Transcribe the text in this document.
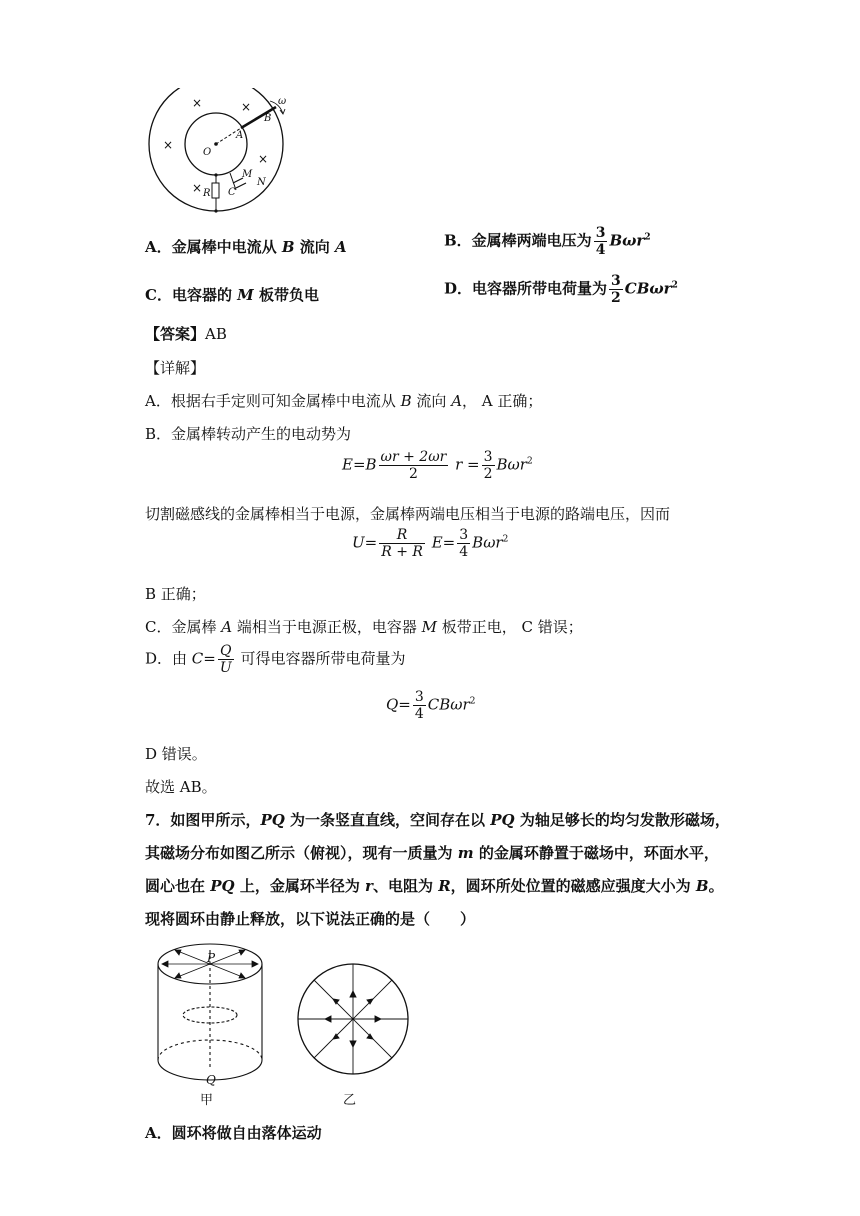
×	×
×
×
×
ω
B
A
O
M
N
C
R
A．金属棒中电流从 B 流向 A	B．金属棒两端电压为 $\frac{3}{4} B\omega r^2$
C．电容器的 M 板带负电	D．电容器所带电荷量为 $\frac{3}{2} CB\omega r^2$
【答案】AB
【详解】
A．根据右手定则可知金属棒中电流从 B 流向 A， A 正确；
B．金属棒转动产生的电动势为
$E=B \frac{\omega r + 2\omega r}{2}$ $r = \frac{3}{2} B\omega r^2$
切割磁感线的金属棒相当于电源，金属棒两端电压相当于电源的路端电压，因而
$U= \frac{R}{R + R} E= \frac{3}{4} B\omega r^2$
B 正确；
C．金属棒 A 端相当于电源正极，电容器 M 板带正电， C 错误；
D．由 $C= \frac{Q}{U}$ 可得电容器所带电荷量为
$Q= \frac{3}{4} CB\omega r^2$
D 错误。
故选 AB。
7．如图甲所示，PQ 为一条竖直直线，空间存在以 PQ 为轴足够长的均匀发散形磁场，
其磁场分布如图乙所示（俯视），现有一质量为 m 的金属环静置于磁场中，环面水平，
圆心也在 PQ 上，金属环半径为 r、电阻为 R，圆环所处位置的磁感应强度大小为 B。
现将圆环由静止释放，以下说法正确的是（　　）
P
Q
甲	乙
A．圆环将做自由落体运动
